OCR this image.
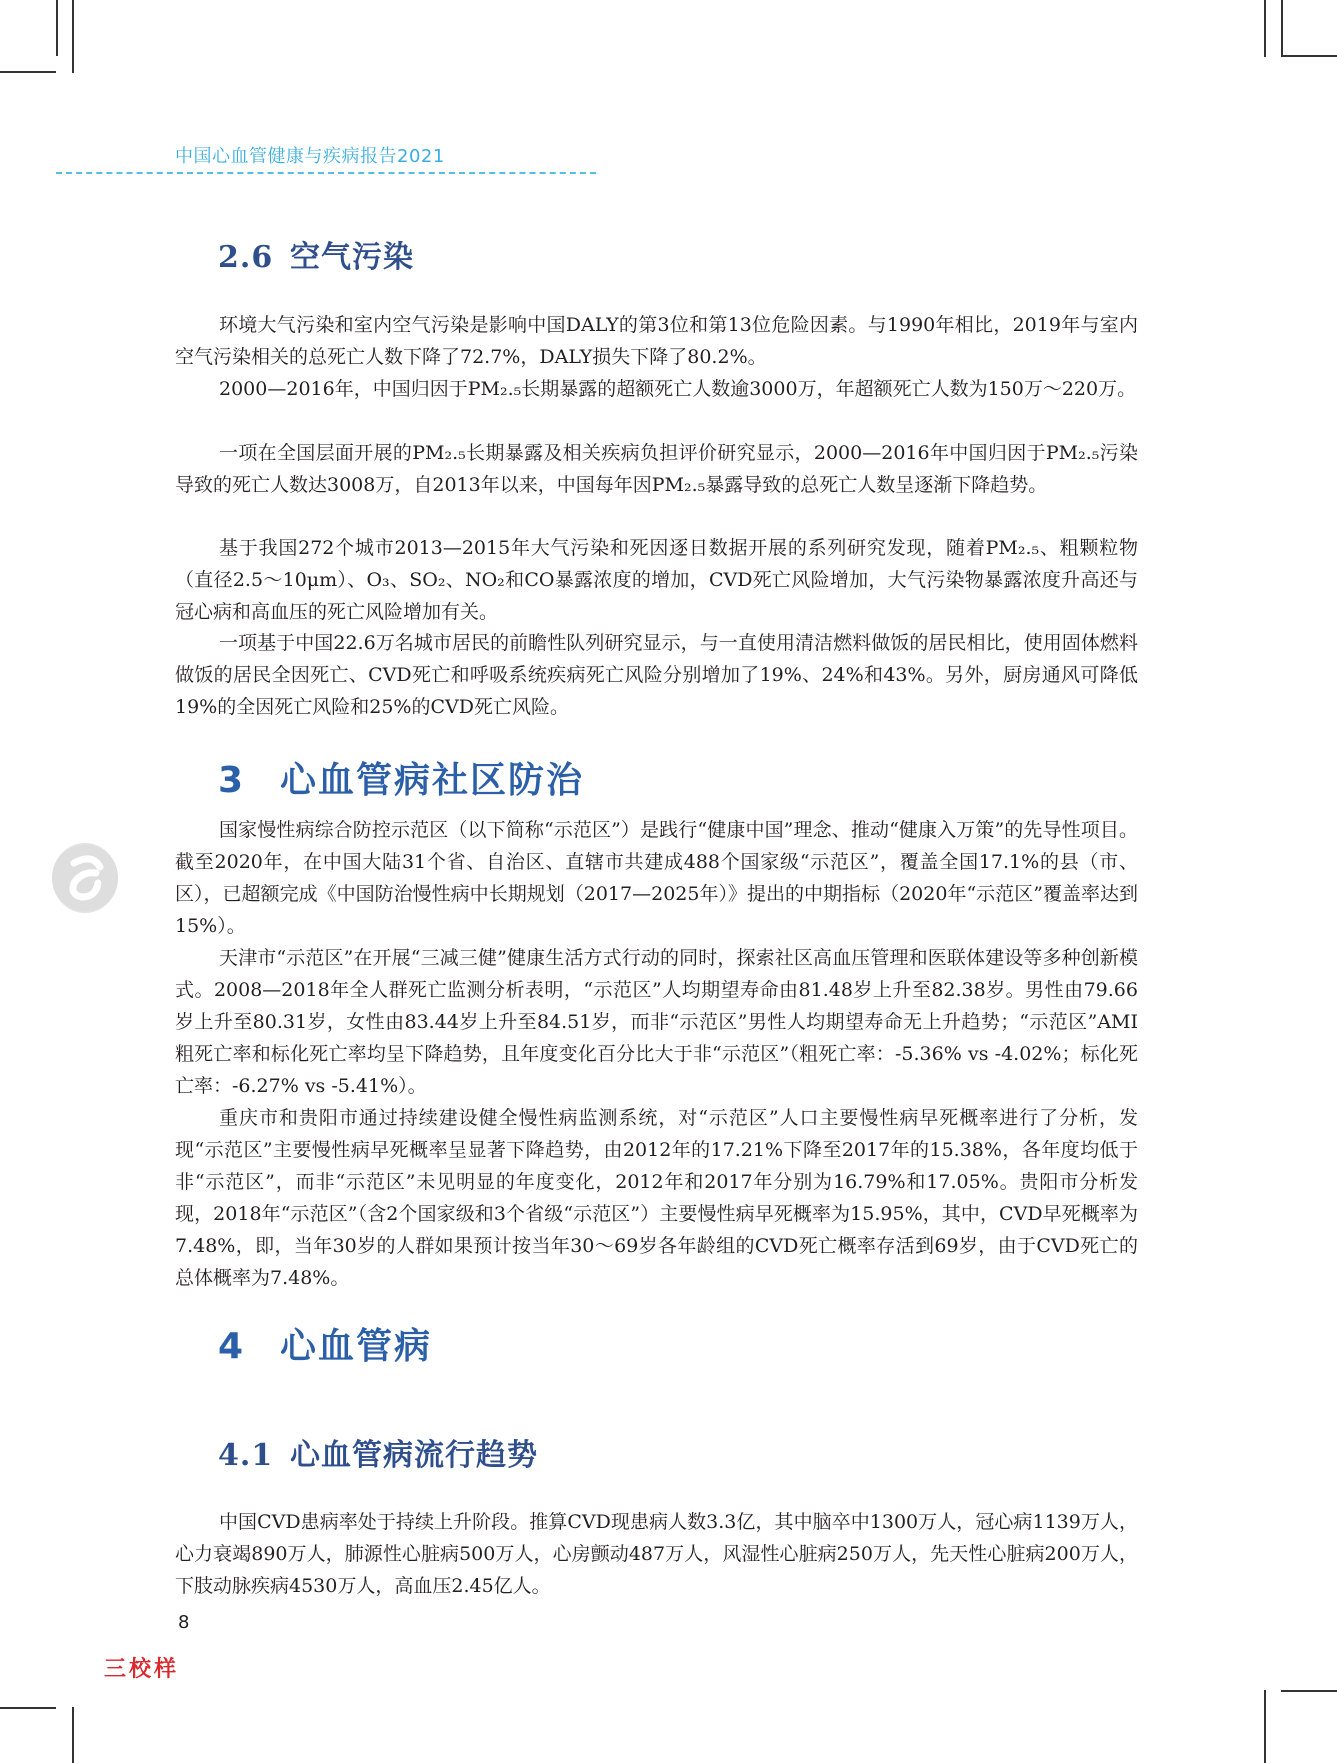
中国心血管健康与疾病报告2021
2.6 空气污染

环境大气污染和室内空气污染是影响中国DALY的第3位和第13位危险因素。与1990年相比，2019年与室内空气污染相关的总死亡人数下降了72.7%，DALY损失下降了80.2%。

2000—2016年，中国归因于PM₂.₅长期暴露的超额死亡人数逾3000万，年超额死亡人数为150万～220万。

一项在全国层面开展的PM₂.₅长期暴露及相关疾病负担评价研究显示，2000—2016年中国归因于PM₂.₅污染导致的死亡人数达3008万，自2013年以来，中国每年因PM₂.₅暴露导致的总死亡人数呈逐渐下降趋势。

基于我国272个城市2013—2015年大气污染和死因逐日数据开展的系列研究发现，随着PM₂.₅、粗颗粒物（直径2.5～10μm）、O₃、SO₂、NO₂和CO暴露浓度的增加，CVD死亡风险增加，大气污染物暴露浓度升高还与冠心病和高血压的死亡风险增加有关。

一项基于中国22.6万名城市居民的前瞻性队列研究显示，与一直使用清洁燃料做饭的居民相比，使用固体燃料做饭的居民全因死亡、CVD死亡和呼吸系统疾病死亡风险分别增加了19%、24%和43%。另外，厨房通风可降低19%的全因死亡风险和25%的CVD死亡风险。

3 心血管病社区防治

国家慢性病综合防控示范区（以下简称“示范区”）是践行“健康中国”理念、推动“健康入万策”的先导性项目。截至2020年，在中国大陆31个省、自治区、直辖市共建成488个国家级“示范区”，覆盖全国17.1%的县（市、区），已超额完成《中国防治慢性病中长期规划（2017—2025年）》提出的中期指标（2020年“示范区”覆盖率达到15%）。

天津市“示范区”在开展“三减三健”健康生活方式行动的同时，探索社区高血压管理和医联体建设等多种创新模式。2008—2018年全人群死亡监测分析表明，“示范区”人均期望寿命由81.48岁上升至82.38岁。男性由79.66岁上升至80.31岁，女性由83.44岁上升至84.51岁，而非“示范区”男性人均期望寿命无上升趋势；“示范区”AMI粗死亡率和标化死亡率均呈下降趋势，且年度变化百分比大于非“示范区”（粗死亡率：-5.36% vs -4.02%；标化死亡率：-6.27% vs -5.41%）。

重庆市和贵阳市通过持续建设健全慢性病监测系统，对“示范区”人口主要慢性病早死概率进行了分析，发现“示范区”主要慢性病早死概率呈显著下降趋势，由2012年的17.21%下降至2017年的15.38%，各年度均低于非“示范区”，而非“示范区”未见明显的年度变化，2012年和2017年分别为16.79%和17.05%。贵阳市分析发现，2018年“示范区”（含2个国家级和3个省级“示范区”）主要慢性病早死概率为15.95%，其中，CVD早死概率为7.48%，即，当年30岁的人群如果预计按当年30～69岁各年龄组的CVD死亡概率存活到69岁，由于CVD死亡的总体概率为7.48%。

4 心血管病
4.1 心血管病流行趋势

中国CVD患病率处于持续上升阶段。推算CVD现患病人数3.3亿，其中脑卒中1300万人，冠心病1139万人，心力衰竭890万人，肺源性心脏病500万人，心房颤动487万人，风湿性心脏病250万人，先天性心脏病200万人，下肢动脉疾病4530万人，高血压2.45亿人。

8
三校样
